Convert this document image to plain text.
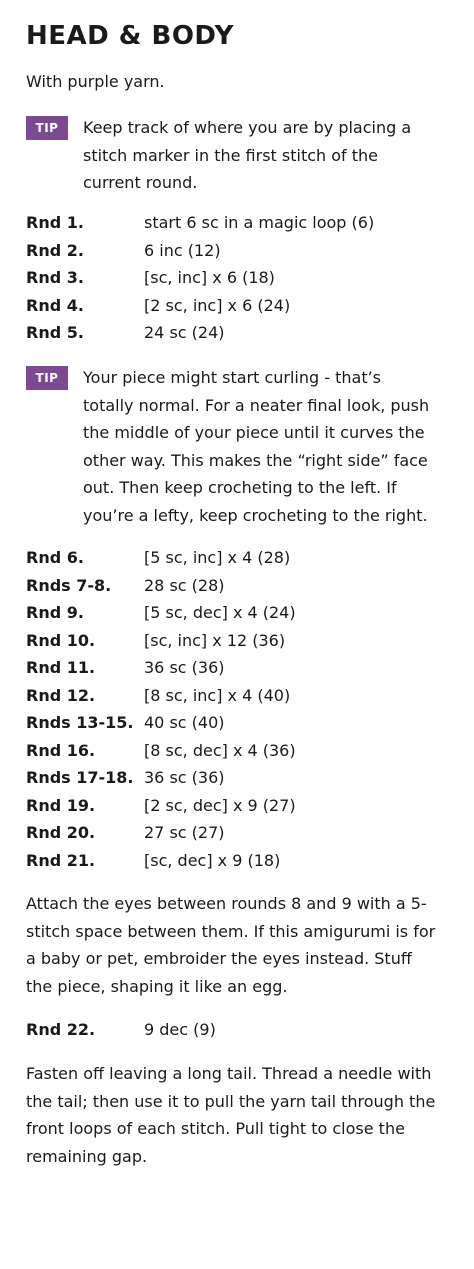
HEAD & BODY
With purple yarn.
TIP	Keep track of where you are by placing a
stitch marker in the first stitch of the
current round.
Rnd 1.	start 6 sc in a magic loop (6)
Rnd 2.	6 inc (12)
Rnd 3.	[sc, inc] x 6 (18)
Rnd 4.	[2 sc, inc] x 6 (24)
Rnd 5.	24 sc (24)
TIP	Your piece might start curling - that’s
totally normal. For a neater final look, push
the middle of your piece until it curves the
other way. This makes the “right side” face
out. Then keep crocheting to the left. If
you’re a lefty, keep crocheting to the right.
Rnd 6.	[5 sc, inc] x 4 (28)
Rnds 7-8. 28 sc (28)
Rnd 9.	[5 sc, dec] x 4 (24)
Rnd 10.	[sc, inc] x 12 (36)
Rnd 11.	36 sc (36)
Rnd 12.	[8 sc, inc] x 4 (40)
Rnds 13-15. 40 sc (40)
Rnd 16.	[8 sc, dec] x 4 (36)
Rnds 17-18. 36 sc (36)
Rnd 19.	[2 sc, dec] x 9 (27)
Rnd 20.	27 sc (27)
Rnd 21.	[sc, dec] x 9 (18)
Attach the eyes between rounds 8 and 9 with a 5-
stitch space between them. If this amigurumi is for
a baby or pet, embroider the eyes instead. Stuff
the piece, shaping it like an egg.
Rnd 22.	9 dec (9)
Fasten off leaving a long tail. Thread a needle with
the tail; then use it to pull the yarn tail through the
front loops of each stitch. Pull tight to close the
remaining gap.
